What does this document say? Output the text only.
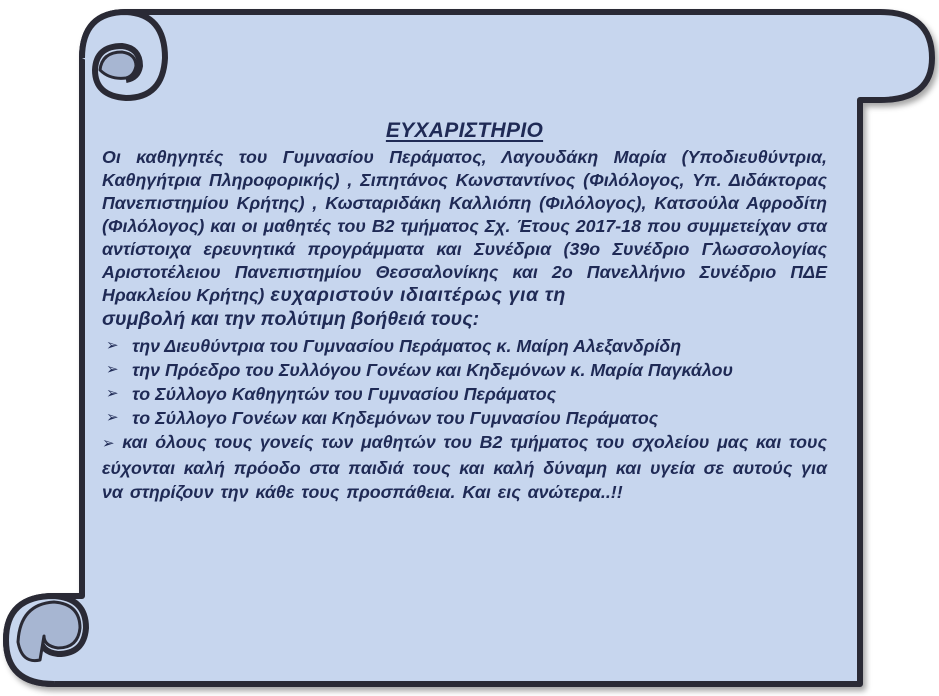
ΕΥΧΑΡΙΣΤΗΡΙΟ

Οι καθηγητές του Γυμνασίου Περάματος, Λαγουδάκη Μαρία (Υποδιευθύντρια, Καθηγήτρια Πληροφορικής) , Σιπητάνος Κωνσταντίνος (Φιλόλογος, Υπ. Διδάκτορας Πανεπιστημίου Κρήτης) , Κωσταριδάκη Καλλιόπη (Φιλόλογος), Κατσούλα Αφροδίτη (Φιλόλογος) και οι μαθητές του Β2 τμήματος Σχ. Έτους 2017-18 που συμμετείχαν στα αντίστοιχα ερευνητικά προγράμματα και Συνέδρια (39ο Συνέδριο Γλωσσολογίας Αριστοτέλειου Πανεπιστημίου Θεσσαλονίκης και 2ο Πανελλήνιο Συνέδριο ΠΔΕ Ηρακλείου Κρήτης) ευχαριστούν ιδιαιτέρως για τη

συμβολή και την πολύτιμη βοήθειά τους:
➢ την Διευθύντρια του Γυμνασίου Περάματος κ. Μαίρη Αλεξανδρίδη
➢ την Πρόεδρο του Συλλόγου Γονέων και Κηδεμόνων κ. Μαρία Παγκάλου
➢ το Σύλλογο Καθηγητών του Γυμνασίου Περάματος
➢ το Σύλλογο Γονέων και Κηδεμόνων του Γυμνασίου Περάματος

➢ και όλους τους γονείς των μαθητών του Β2 τμήματος του σχολείου μας και τους εύχονται καλή πρόοδο στα παιδιά τους και καλή δύναμη και υγεία σε αυτούς για να στηρίζουν την κάθε τους προσπάθεια. Και εις ανώτερα..!!
